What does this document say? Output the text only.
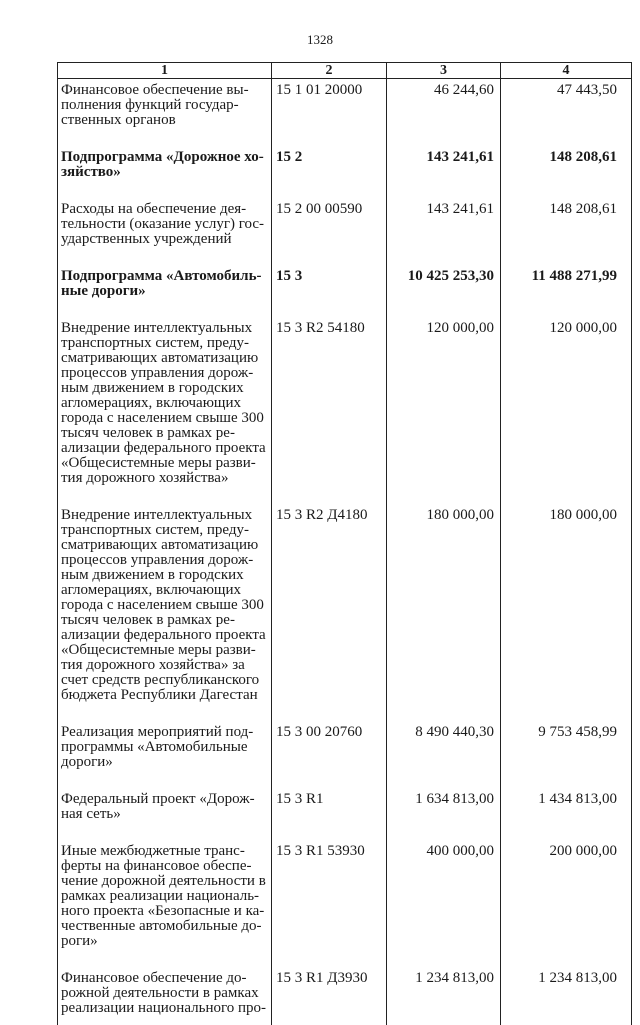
1328
1	2	3	4
Финансовое обеспечение вы-полнения функций государ-ственных органов	15 1 01 20000	46 244,60	47 443,50
Подпрограмма «Дорожное хо-зяйство»	15 2	143 241,61	148 208,61
Расходы на обеспечение дея-тельности (оказание услуг) гос-ударственных учреждений	15 2 00 00590	143 241,61	148 208,61
Подпрограмма «Автомобиль-ные дороги»	15 3	10 425 253,30	11 488 271,99
Внедрение интеллектуальных транспортных систем, преду-сматривающих автоматизацию процессов управления дорож-ным движением в городских агломерациях, включающих города с населением свыше 300 тысяч человек в рамках ре-ализации федерального проекта «Общесистемные меры разви-тия дорожного хозяйства»	15 3 R2 54180	120 000,00	120 000,00
Внедрение интеллектуальных транспортных систем, преду-сматривающих автоматизацию процессов управления дорож-ным движением в городских агломерациях, включающих города с населением свыше 300 тысяч человек в рамках ре-ализации федерального проекта «Общесистемные меры разви-тия дорожного хозяйства» за счет средств республиканского бюджета Республики Дагестан	15 3 R2 Д4180	180 000,00	180 000,00
Реализация мероприятий под-программы «Автомобильные дороги»	15 3 00 20760	8 490 440,30	9 753 458,99
Федеральный проект «Дорож-ная сеть»	15 3 R1	1 634 813,00	1 434 813,00
Иные межбюджетные транс-ферты на финансовое обеспе-чение дорожной деятельности в рамках реализации националь-ного проекта «Безопасные и ка-чественные автомобильные до-роги»	15 3 R1 53930	400 000,00	200 000,00
Финансовое обеспечение до-рожной деятельности в рамках реализации национального про-	15 3 R1 Д3930	1 234 813,00	1 234 813,00
